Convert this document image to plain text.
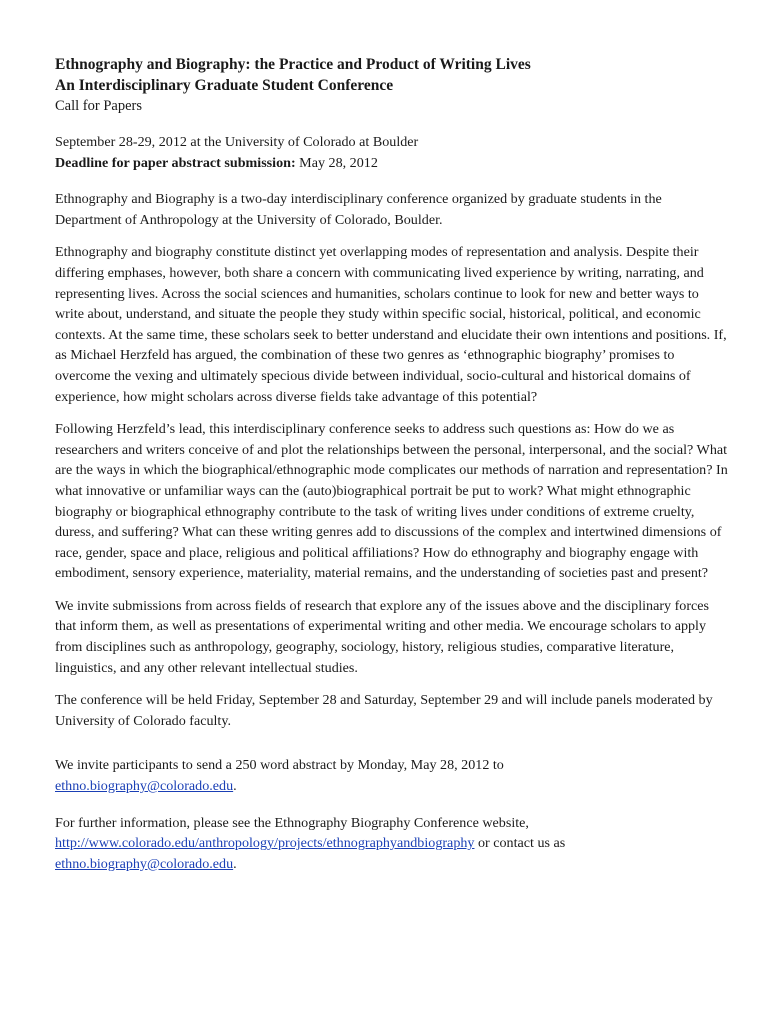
Ethnography and Biography: the Practice and Product of Writing Lives

An Interdisciplinary Graduate Student Conference

Call for Papers

September 28-29, 2012 at the University of Colorado at Boulder

Deadline for paper abstract submission: May 28, 2012

Ethnography and Biography is a two-day interdisciplinary conference organized by graduate students in the Department of Anthropology at the University of Colorado, Boulder.

Ethnography and biography constitute distinct yet overlapping modes of representation and analysis. Despite their differing emphases, however, both share a concern with communicating lived experience by writing, narrating, and representing lives. Across the social sciences and humanities, scholars continue to look for new and better ways to write about, understand, and situate the people they study within specific social, historical, political, and economic contexts. At the same time, these scholars seek to better understand and elucidate their own intentions and positions. If, as Michael Herzfeld has argued, the combination of these two genres as ‘ethnographic biography’ promises to overcome the vexing and ultimately specious divide between individual, socio-cultural and historical domains of experience, how might scholars across diverse fields take advantage of this potential?

Following Herzfeld’s lead, this interdisciplinary conference seeks to address such questions as: How do we as researchers and writers conceive of and plot the relationships between the personal, interpersonal, and the social? What are the ways in which the biographical/ethnographic mode complicates our methods of narration and representation? In what innovative or unfamiliar ways can the (auto)biographical portrait be put to work? What might ethnographic biography or biographical ethnography contribute to the task of writing lives under conditions of extreme cruelty, duress, and suffering? What can these writing genres add to discussions of the complex and intertwined dimensions of race, gender, space and place, religious and political affiliations? How do ethnography and biography engage with embodiment, sensory experience, materiality, material remains, and the understanding of societies past and present?

We invite submissions from across fields of research that explore any of the issues above and the disciplinary forces that inform them, as well as presentations of experimental writing and other media. We encourage scholars to apply from disciplines such as anthropology, geography, sociology, history, religious studies, comparative literature, linguistics, and any other relevant intellectual studies.

The conference will be held Friday, September 28 and Saturday, September 29 and will include panels moderated by University of Colorado faculty.

We invite participants to send a 250 word abstract by Monday, May 28, 2012 to
ethno.biography@colorado.edu.

For further information, please see the Ethnography Biography Conference website,
http://www.colorado.edu/anthropology/projects/ethnographyandbiography or contact us as
ethno.biography@colorado.edu.
